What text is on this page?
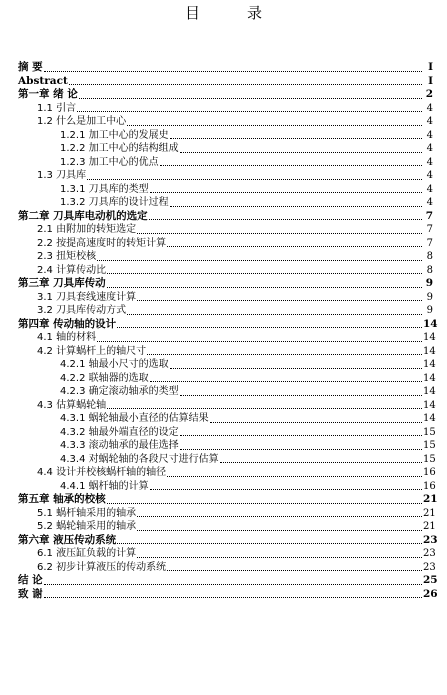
目　录
摘 要	I
Abstract	I
第一章 绪 论	2
1.1 引言	4
1.2 什么是加工中心	4
1.2.1 加工中心的发展史	4
1.2.2 加工中心的结构组成	4
1.2.3 加工中心的优点	4
1.3 刀具库	4
1.3.1 刀具库的类型	4
1.3.2 刀具库的设计过程	4
第二章 刀具库电动机的选定	7
2.1 由附加的转矩选定	7
2.2 按提高速度时的转矩计算	7
2.3 扭矩校核	8
2.4 计算传动比	8
第三章 刀具库传动	9
3.1 刀具套线速度计算	9
3.2 刀具库传动方式	9
第四章 传动轴的设计	14
4.1 轴的材料	14
4.2 计算蜗杆上的轴尺寸	14
4.2.1 轴最小尺寸的选取	14
4.2.2 联轴器的选取	14
4.2.3 确定滚动轴承的类型	14
4.3 估算蜗轮轴	14
4.3.1 蜗轮轴最小直径的估算结果	14
4.3.2 轴最外端直径的设定	15
4.3.3 滚动轴承的最佳选择	15
4.3.4 对蜗轮轴的各段尺寸进行估算	15
4.4 设计并校核蜗杆轴的轴径	16
4.4.1 蜗杆轴的计算	16
第五章 轴承的校核	21
5.1 蜗杆轴采用的轴承	21
5.2 蜗轮轴采用的轴承	21
第六章 液压传动系统	23
6.1 液压缸负载的计算	23
6.2 初步计算液压的传动系统	23
结 论	25
致 谢	26
